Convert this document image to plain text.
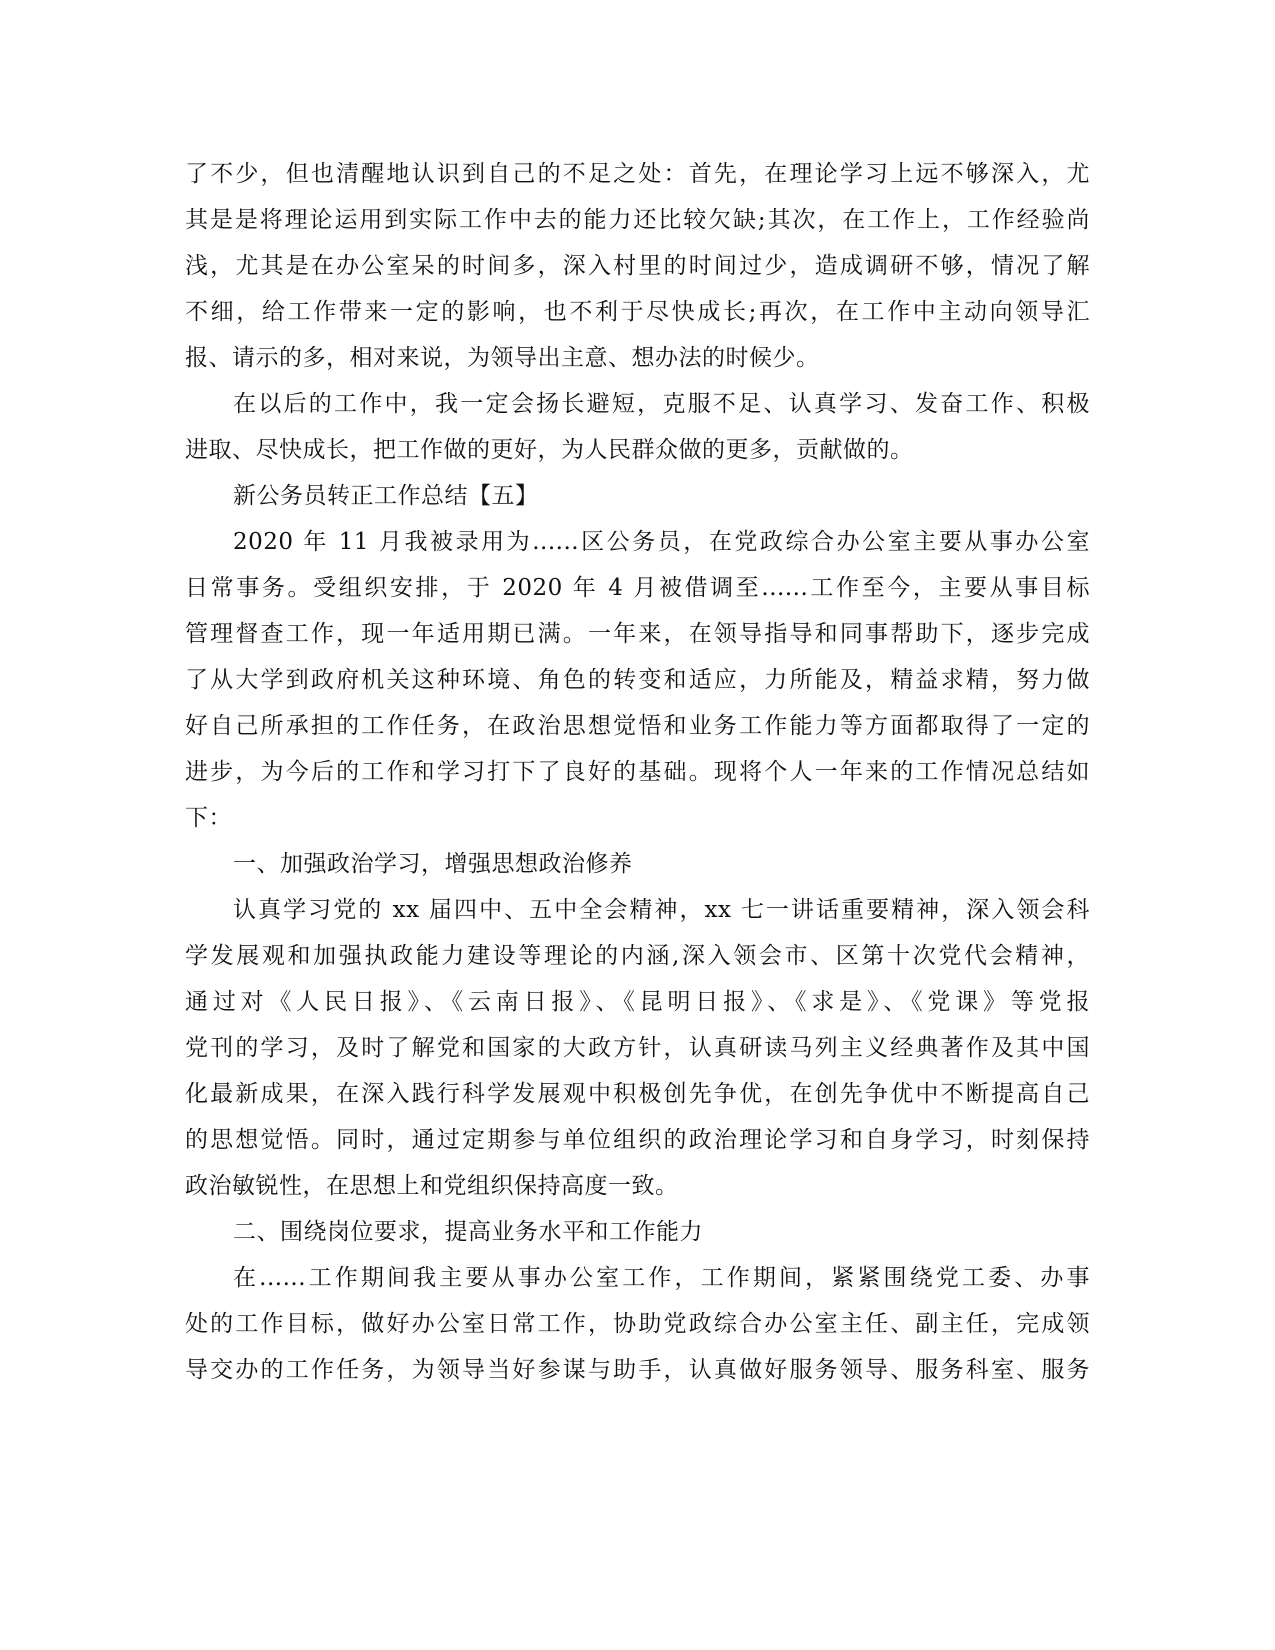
了不少，但也清醒地认识到自己的不足之处：首先，在理论学习上远不够深入，尤
其是是将理论运用到实际工作中去的能力还比较欠缺;其次，在工作上，工作经验尚
浅，尤其是在办公室呆的时间多，深入村里的时间过少，造成调研不够，情况了解
不细，给工作带来一定的影响，也不利于尽快成长;再次，在工作中主动向领导汇
报、请示的多，相对来说，为领导出主意、想办法的时候少。
在以后的工作中，我一定会扬长避短，克服不足、认真学习、发奋工作、积极
进取、尽快成长，把工作做的更好，为人民群众做的更多，贡献做的。
新公务员转正工作总结【五】
2020 年 11 月我被录用为......区公务员，在党政综合办公室主要从事办公室
日常事务。受组织安排，于 2020 年 4 月被借调至......工作至今，主要从事目标
管理督查工作，现一年适用期已满。一年来，在领导指导和同事帮助下，逐步完成
了从大学到政府机关这种环境、角色的转变和适应，力所能及，精益求精，努力做
好自己所承担的工作任务，在政治思想觉悟和业务工作能力等方面都取得了一定的
进步，为今后的工作和学习打下了良好的基础。现将个人一年来的工作情况总结如
下：
一、加强政治学习，增强思想政治修养
认真学习党的 xx 届四中、五中全会精神，xx 七一讲话重要精神，深入领会科
学发展观和加强执政能力建设等理论的内涵,深入领会市、区第十次党代会精神，
通过对《人民日报》、《云南日报》、《昆明日报》、《求是》、《党课》等党报
党刊的学习，及时了解党和国家的大政方针，认真研读马列主义经典著作及其中国
化最新成果，在深入践行科学发展观中积极创先争优，在创先争优中不断提高自己
的思想觉悟。同时，通过定期参与单位组织的政治理论学习和自身学习，时刻保持
政治敏锐性，在思想上和党组织保持高度一致。
二、围绕岗位要求，提高业务水平和工作能力
在......工作期间我主要从事办公室工作，工作期间，紧紧围绕党工委、办事
处的工作目标，做好办公室日常工作，协助党政综合办公室主任、副主任，完成领
导交办的工作任务，为领导当好参谋与助手，认真做好服务领导、服务科室、服务
